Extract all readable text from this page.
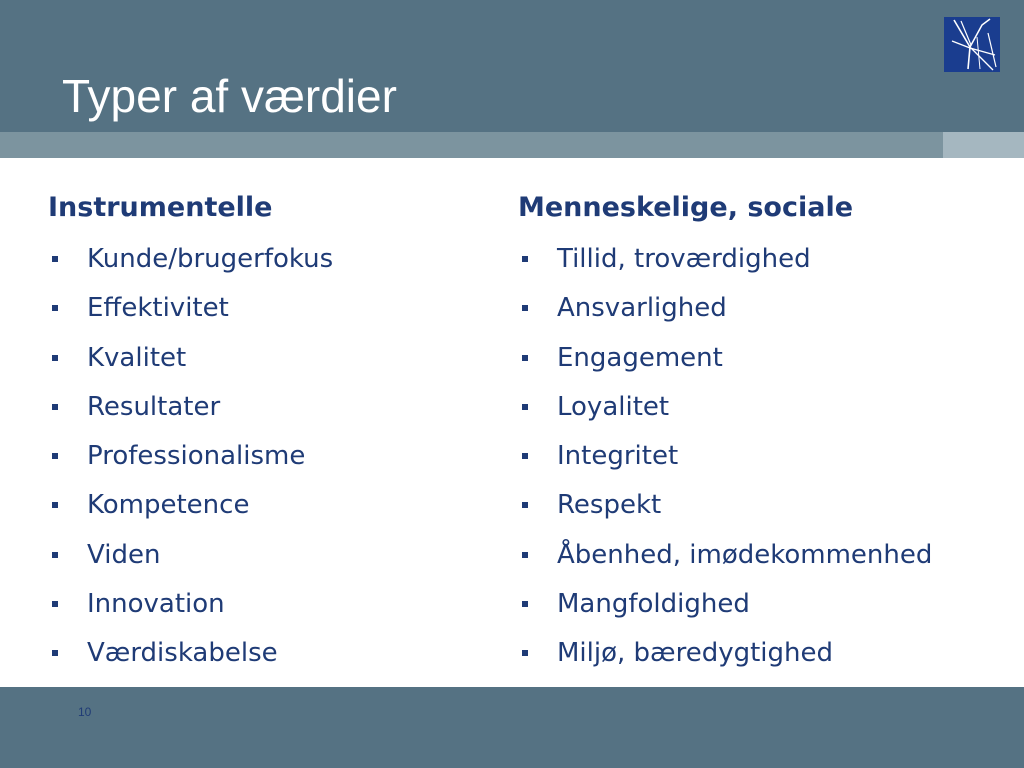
Typer af værdier
Instrumentelle
Kunde/brugerfokus
Effektivitet
Kvalitet
Resultater
Professionalisme
Kompetence
Viden
Innovation
Værdiskabelse
Menneskelige, sociale
Tillid, troværdighed
Ansvarlighed
Engagement
Loyalitet
Integritet
Respekt
Åbenhed, imødekommenhed
Mangfoldighed
Miljø, bæredygtighed
10
